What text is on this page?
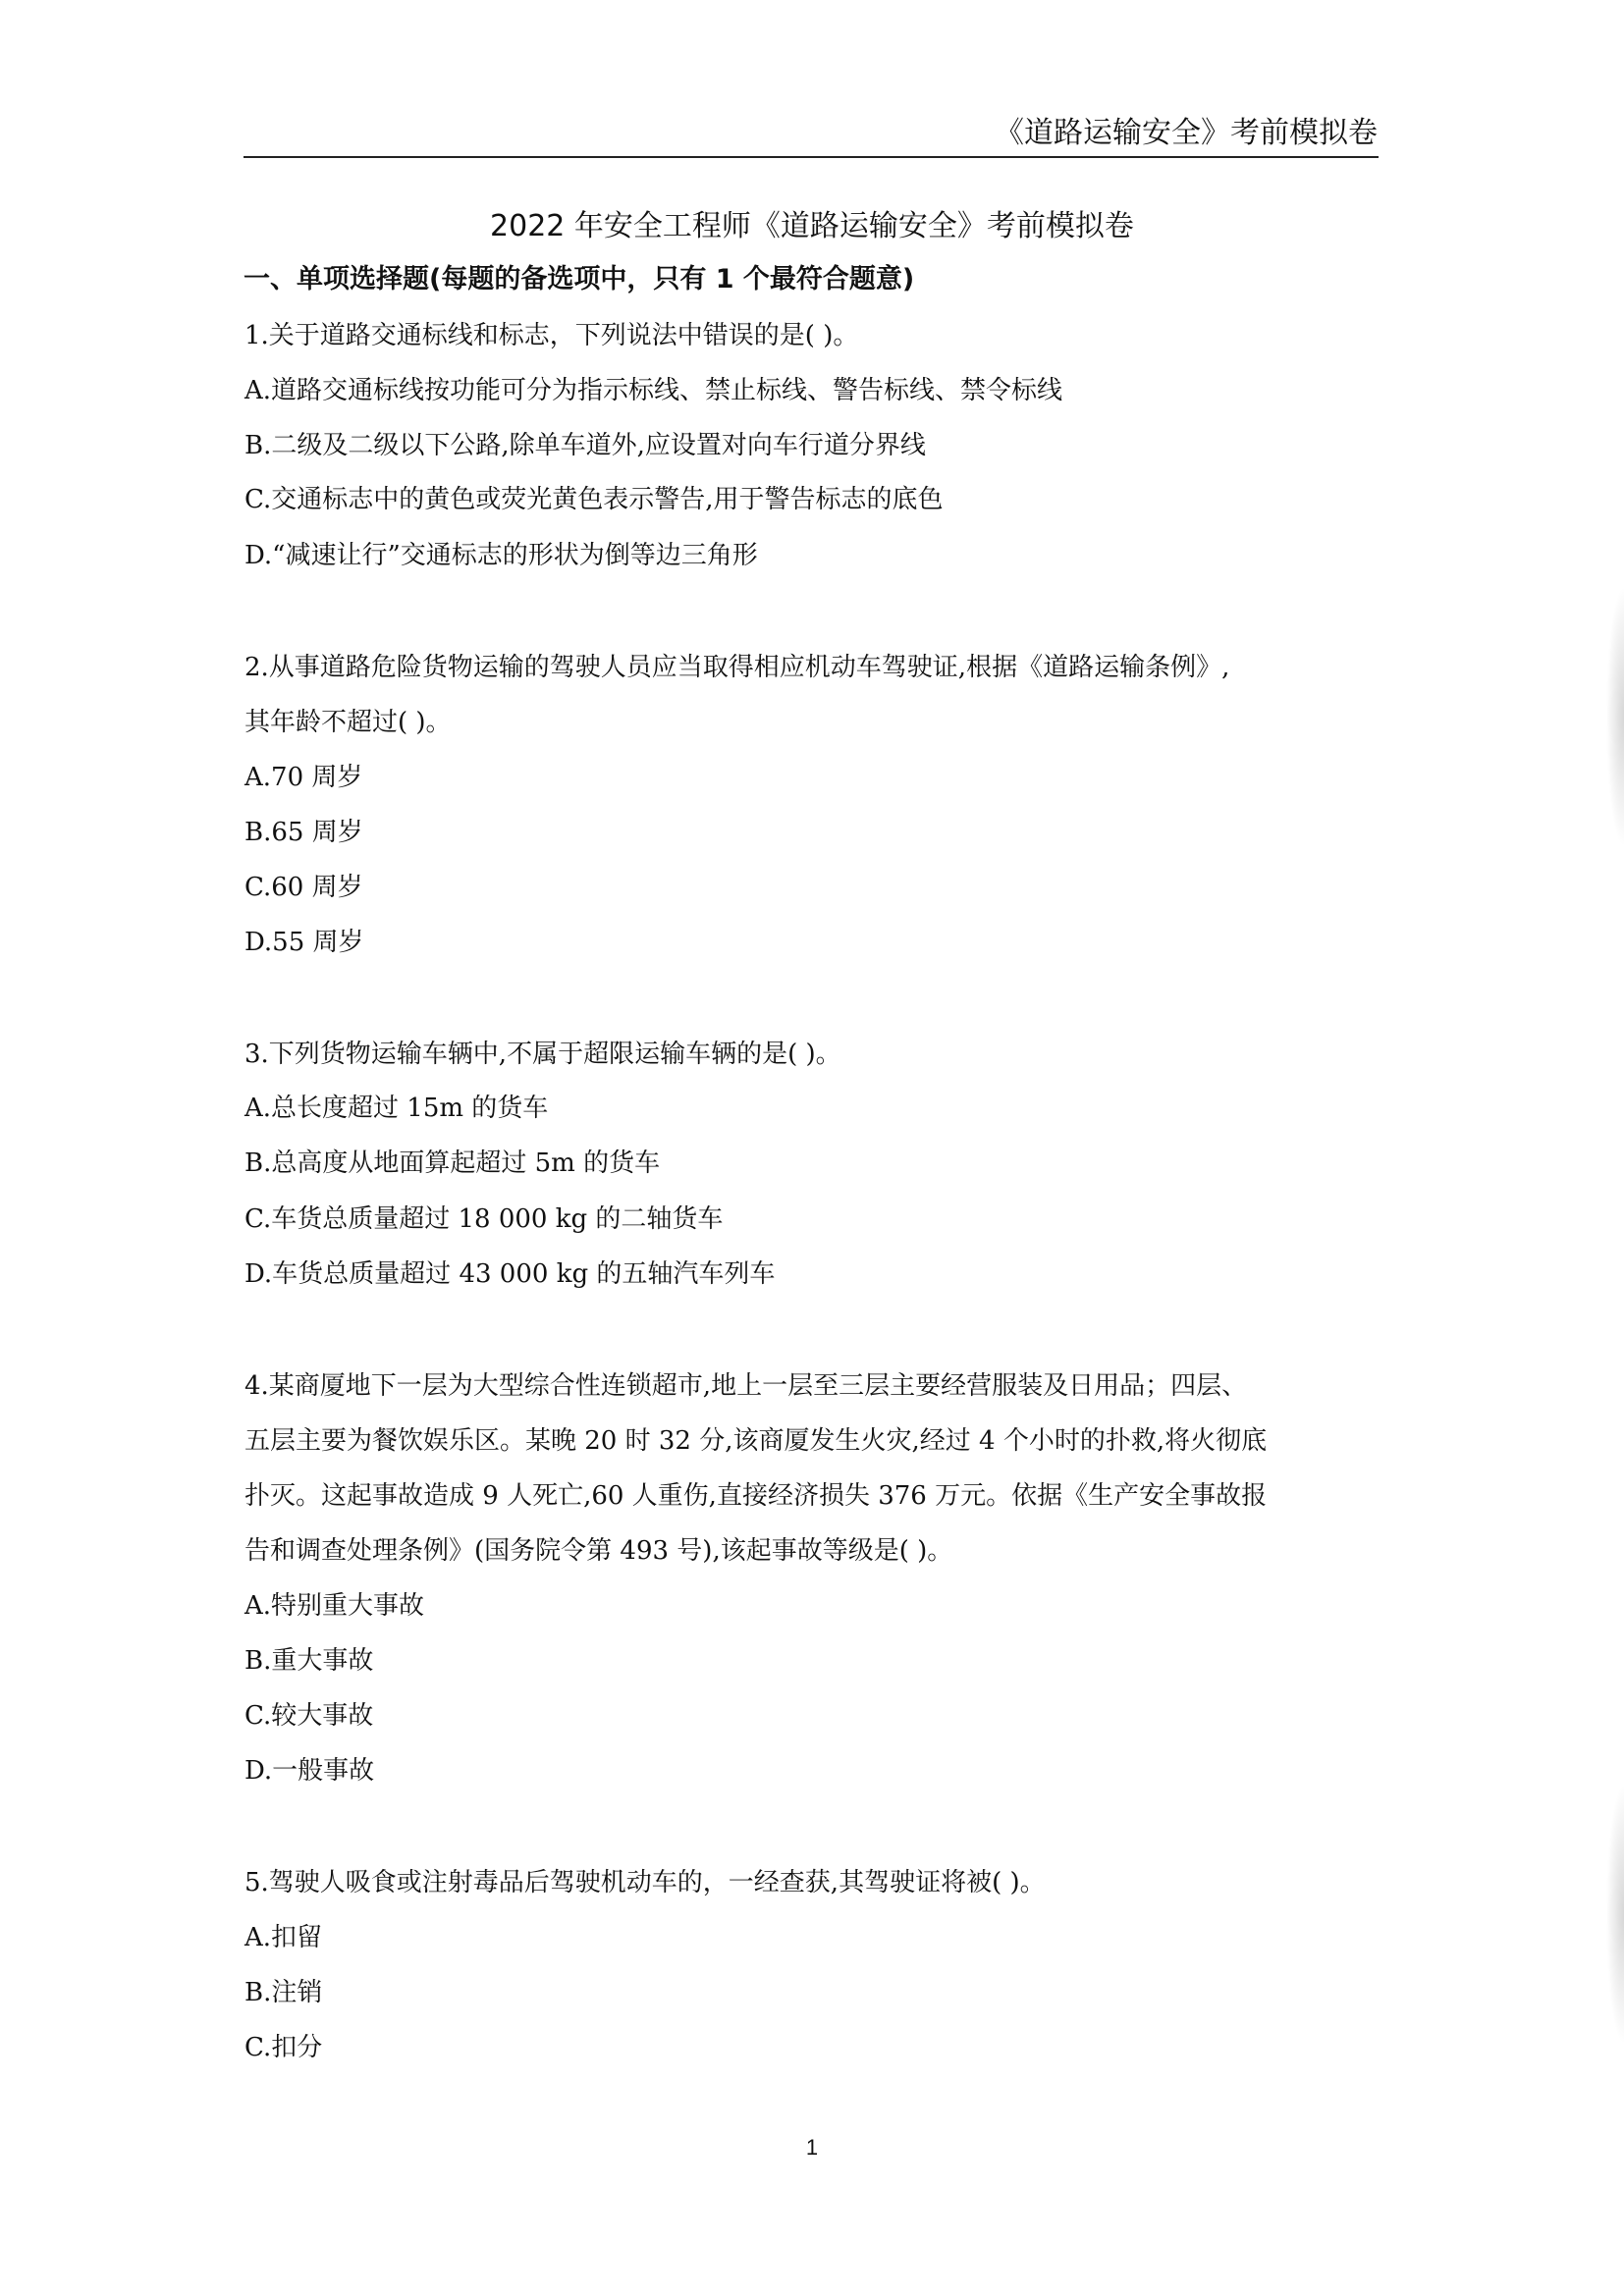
《道路运输安全》考前模拟卷
2022 年安全工程师《道路运输安全》考前模拟卷
一、单项选择题(每题的备选项中，只有 1 个最符合题意)
1.关于道路交通标线和标志，下列说法中错误的是( )。
A.道路交通标线按功能可分为指示标线、禁止标线、警告标线、禁令标线
B.二级及二级以下公路,除单车道外,应设置对向车行道分界线
C.交通标志中的黄色或荧光黄色表示警告,用于警告标志的底色
D.“减速让行”交通标志的形状为倒等边三角形
2.从事道路危险货物运输的驾驶人员应当取得相应机动车驾驶证,根据《道路运输条例》,
其年龄不超过( )。
A.70 周岁
B.65 周岁
C.60 周岁
D.55 周岁
3.下列货物运输车辆中,不属于超限运输车辆的是( )。
A.总长度超过 15m 的货车
B.总高度从地面算起超过 5m 的货车
C.车货总质量超过 18 000 kg 的二轴货车
D.车货总质量超过 43 000 kg 的五轴汽车列车
4.某商厦地下一层为大型综合性连锁超市,地上一层至三层主要经营服装及日用品；四层、
五层主要为餐饮娱乐区。某晚 20 时 32 分,该商厦发生火灾,经过 4 个小时的扑救,将火彻底
扑灭。这起事故造成 9 人死亡,60 人重伤,直接经济损失 376 万元。依据《生产安全事故报
告和调查处理条例》(国务院令第 493 号),该起事故等级是( )。
A.特别重大事故
B.重大事故
C.较大事故
D.一般事故
5.驾驶人吸食或注射毒品后驾驶机动车的，一经查获,其驾驶证将被( )。
A.扣留
B.注销
C.扣分
1
